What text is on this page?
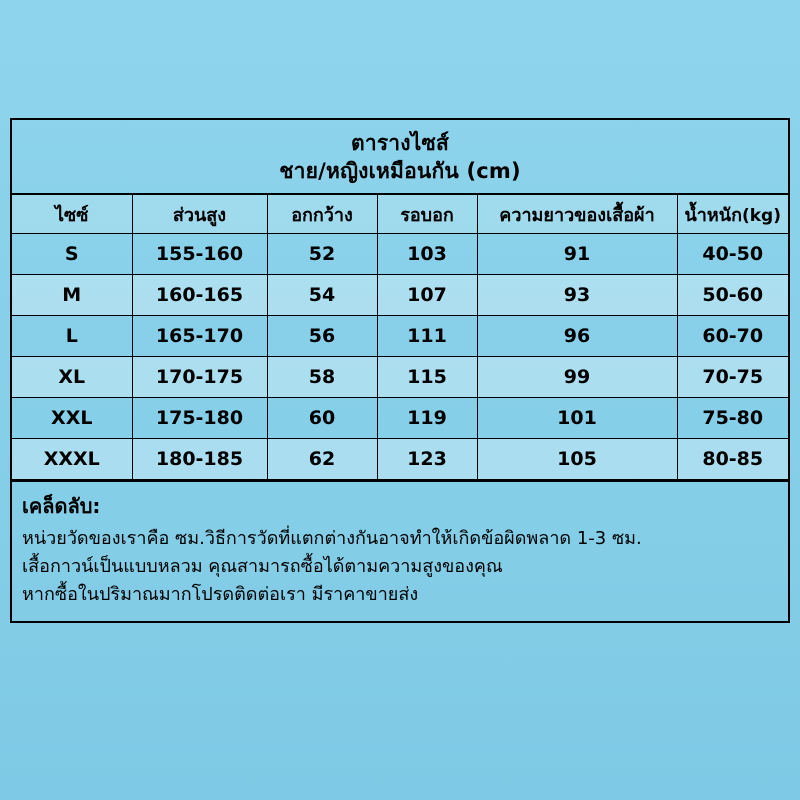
ตารางไซส์
ชาย/หญิงเหมือนกัน (cm)
ไซซ์	ส่วนสูง	อกกว้าง	รอบอก	ความยาวของเสื้อผ้า	น้ำหนัก(kg)
S	155-160	52	103	91	40-50
M	160-165	54	107	93	50-60
L	165-170	56	111	96	60-70
XL	170-175	58	115	99	70-75
XXL	175-180	60	119	101	75-80
XXXL	180-185	62	123	105	80-85
เคล็ดลับ:
หน่วยวัดของเราคือ ซม.วิธีการวัดที่แตกต่างกันอาจทำให้เกิดข้อผิดพลาด 1-3 ซม.
เสื้อกาวน์เป็นแบบหลวม คุณสามารถซื้อได้ตามความสูงของคุณ
หากซื้อในปริมาณมากโปรดติดต่อเรา มีราคาขายส่ง
